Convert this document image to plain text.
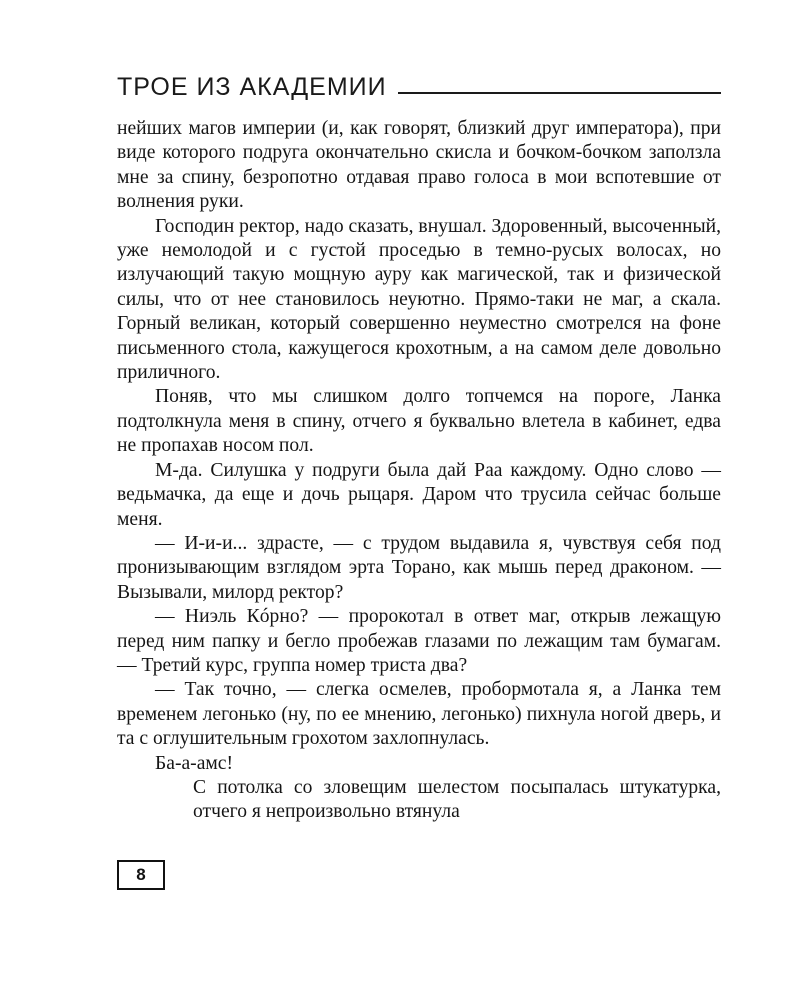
ТРОЕ ИЗ АКАДЕМИИ

нейших магов империи (и, как говорят, близкий друг императора), при виде которого подруга окончательно скисла и бочком-бочком заползла мне за спину, безропотно отдавая право голоса в мои вспотевшие от волнения руки.

Господин ректор, надо сказать, внушал. Здоровенный, высоченный, уже немолодой и с густой проседью в темно-русых волосах, но излучающий такую мощную ауру как магической, так и физической силы, что от нее становилось неуютно. Прямо-таки не маг, а скала. Горный великан, который совершенно неуместно смотрелся на фоне письменного стола, кажущегося крохотным, а на самом деле довольно приличного.

Поняв, что мы слишком долго топчемся на пороге, Ланка подтолкнула меня в спину, отчего я буквально влетела в кабинет, едва не пропахав носом пол.

М-да. Силушка у подруги была дай Раа каждому. Одно слово — ведьмачка, да еще и дочь рыцаря. Даром что трусила сейчас больше меня.

— И-и-и... здрасте, — с трудом выдавила я, чувствуя себя под пронизывающим взглядом эрта Торано, как мышь перед драконом. — Вызывали, милорд ректор?

— Ниэль Кóрно? — пророкотал в ответ маг, открыв лежащую перед ним папку и бегло пробежав глазами по лежащим там бумагам. — Третий курс, группа номер триста два?

— Так точно, — слегка осмелев, пробормотала я, а Ланка тем временем легонько (ну, по ее мнению, легонько) пихнула ногой дверь, и та с оглушительным грохотом захлопнулась.

Ба-а-амс!

С потолка со зловещим шелестом посыпалась штукатурка, отчего я непроизвольно втянула

8
